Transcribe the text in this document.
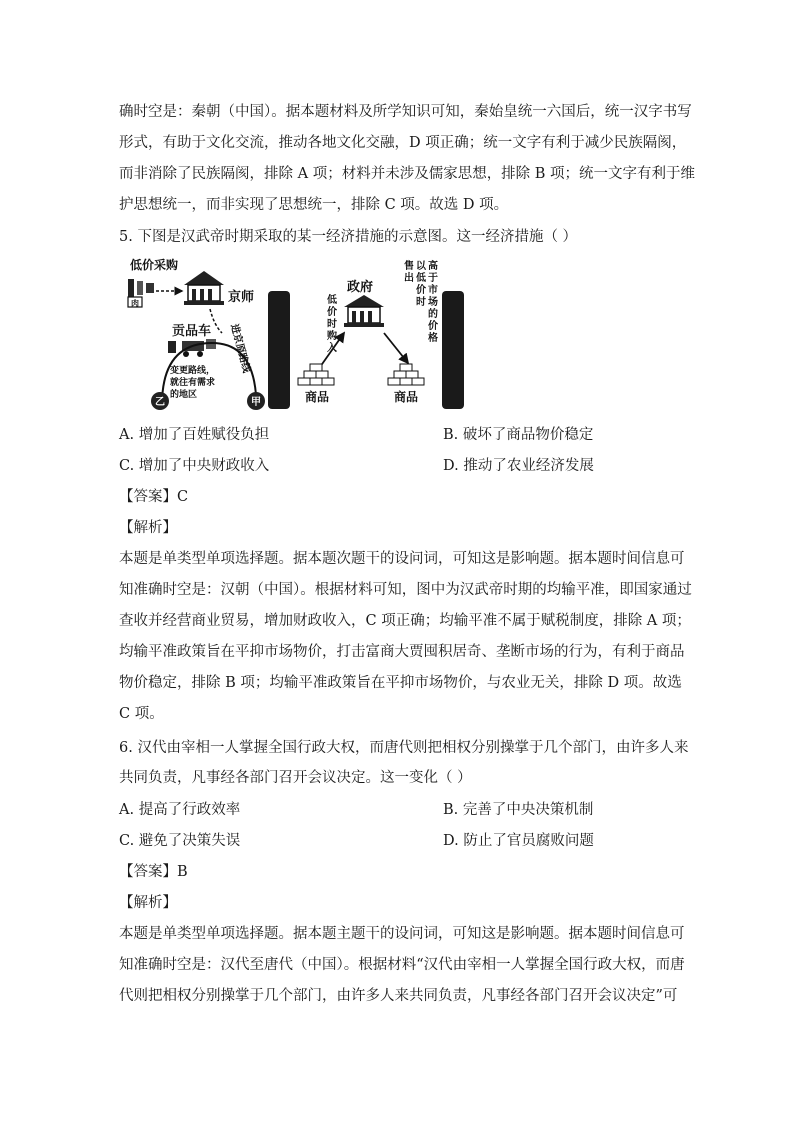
确时空是：秦朝（中国）。据本题材料及所学知识可知，秦始皇统一六国后，统一汉字书写
形式，有助于文化交流，推动各地文化交融，D 项正确；统一文字有利于减少民族隔阂，
而非消除了民族隔阂，排除 A 项；材料并未涉及儒家思想，排除 B 项；统一文字有利于维
护思想统一，而非实现了思想统一，排除 C 项。故选 D 项。
5. 下图是汉武帝时期采取的某一经济措施的示意图。这一经济措施（ ）
低价采购
肉	京师
进京原路线
贡品车
变更路线，
就往有需求
的地区
乙	甲
政府
低
价
时
购
入
售
出
以
低
价
时
高
于
市
场
的
价
格
商品	商品
A. 增加了百姓赋役负担	B. 破坏了商品物价稳定
C. 增加了中央财政收入	D. 推动了农业经济发展
【答案】C
【解析】
本题是单类型单项选择题。据本题次题干的设问词，可知这是影响题。据本题时间信息可
知准确时空是：汉朝（中国）。根据材料可知，图中为汉武帝时期的均输平准，即国家通过
查收并经营商业贸易，增加财政收入，C 项正确；均输平准不属于赋税制度，排除 A 项；
均输平准政策旨在平抑市场物价，打击富商大贾囤积居奇、垄断市场的行为，有利于商品
物价稳定，排除 B 项；均输平准政策旨在平抑市场物价，与农业无关，排除 D 项。故选
C 项。
6. 汉代由宰相一人掌握全国行政大权，而唐代则把相权分别操掌于几个部门，由许多人来
共同负责，凡事经各部门召开会议决定。这一变化（ ）
A. 提高了行政效率	B. 完善了中央决策机制
C. 避免了决策失误	D. 防止了官员腐败问题
【答案】B
【解析】
本题是单类型单项选择题。据本题主题干的设问词，可知这是影响题。据本题时间信息可
知准确时空是：汉代至唐代（中国）。根据材料“汉代由宰相一人掌握全国行政大权，而唐
代则把相权分别操掌于几个部门，由许多人来共同负责，凡事经各部门召开会议决定”可
